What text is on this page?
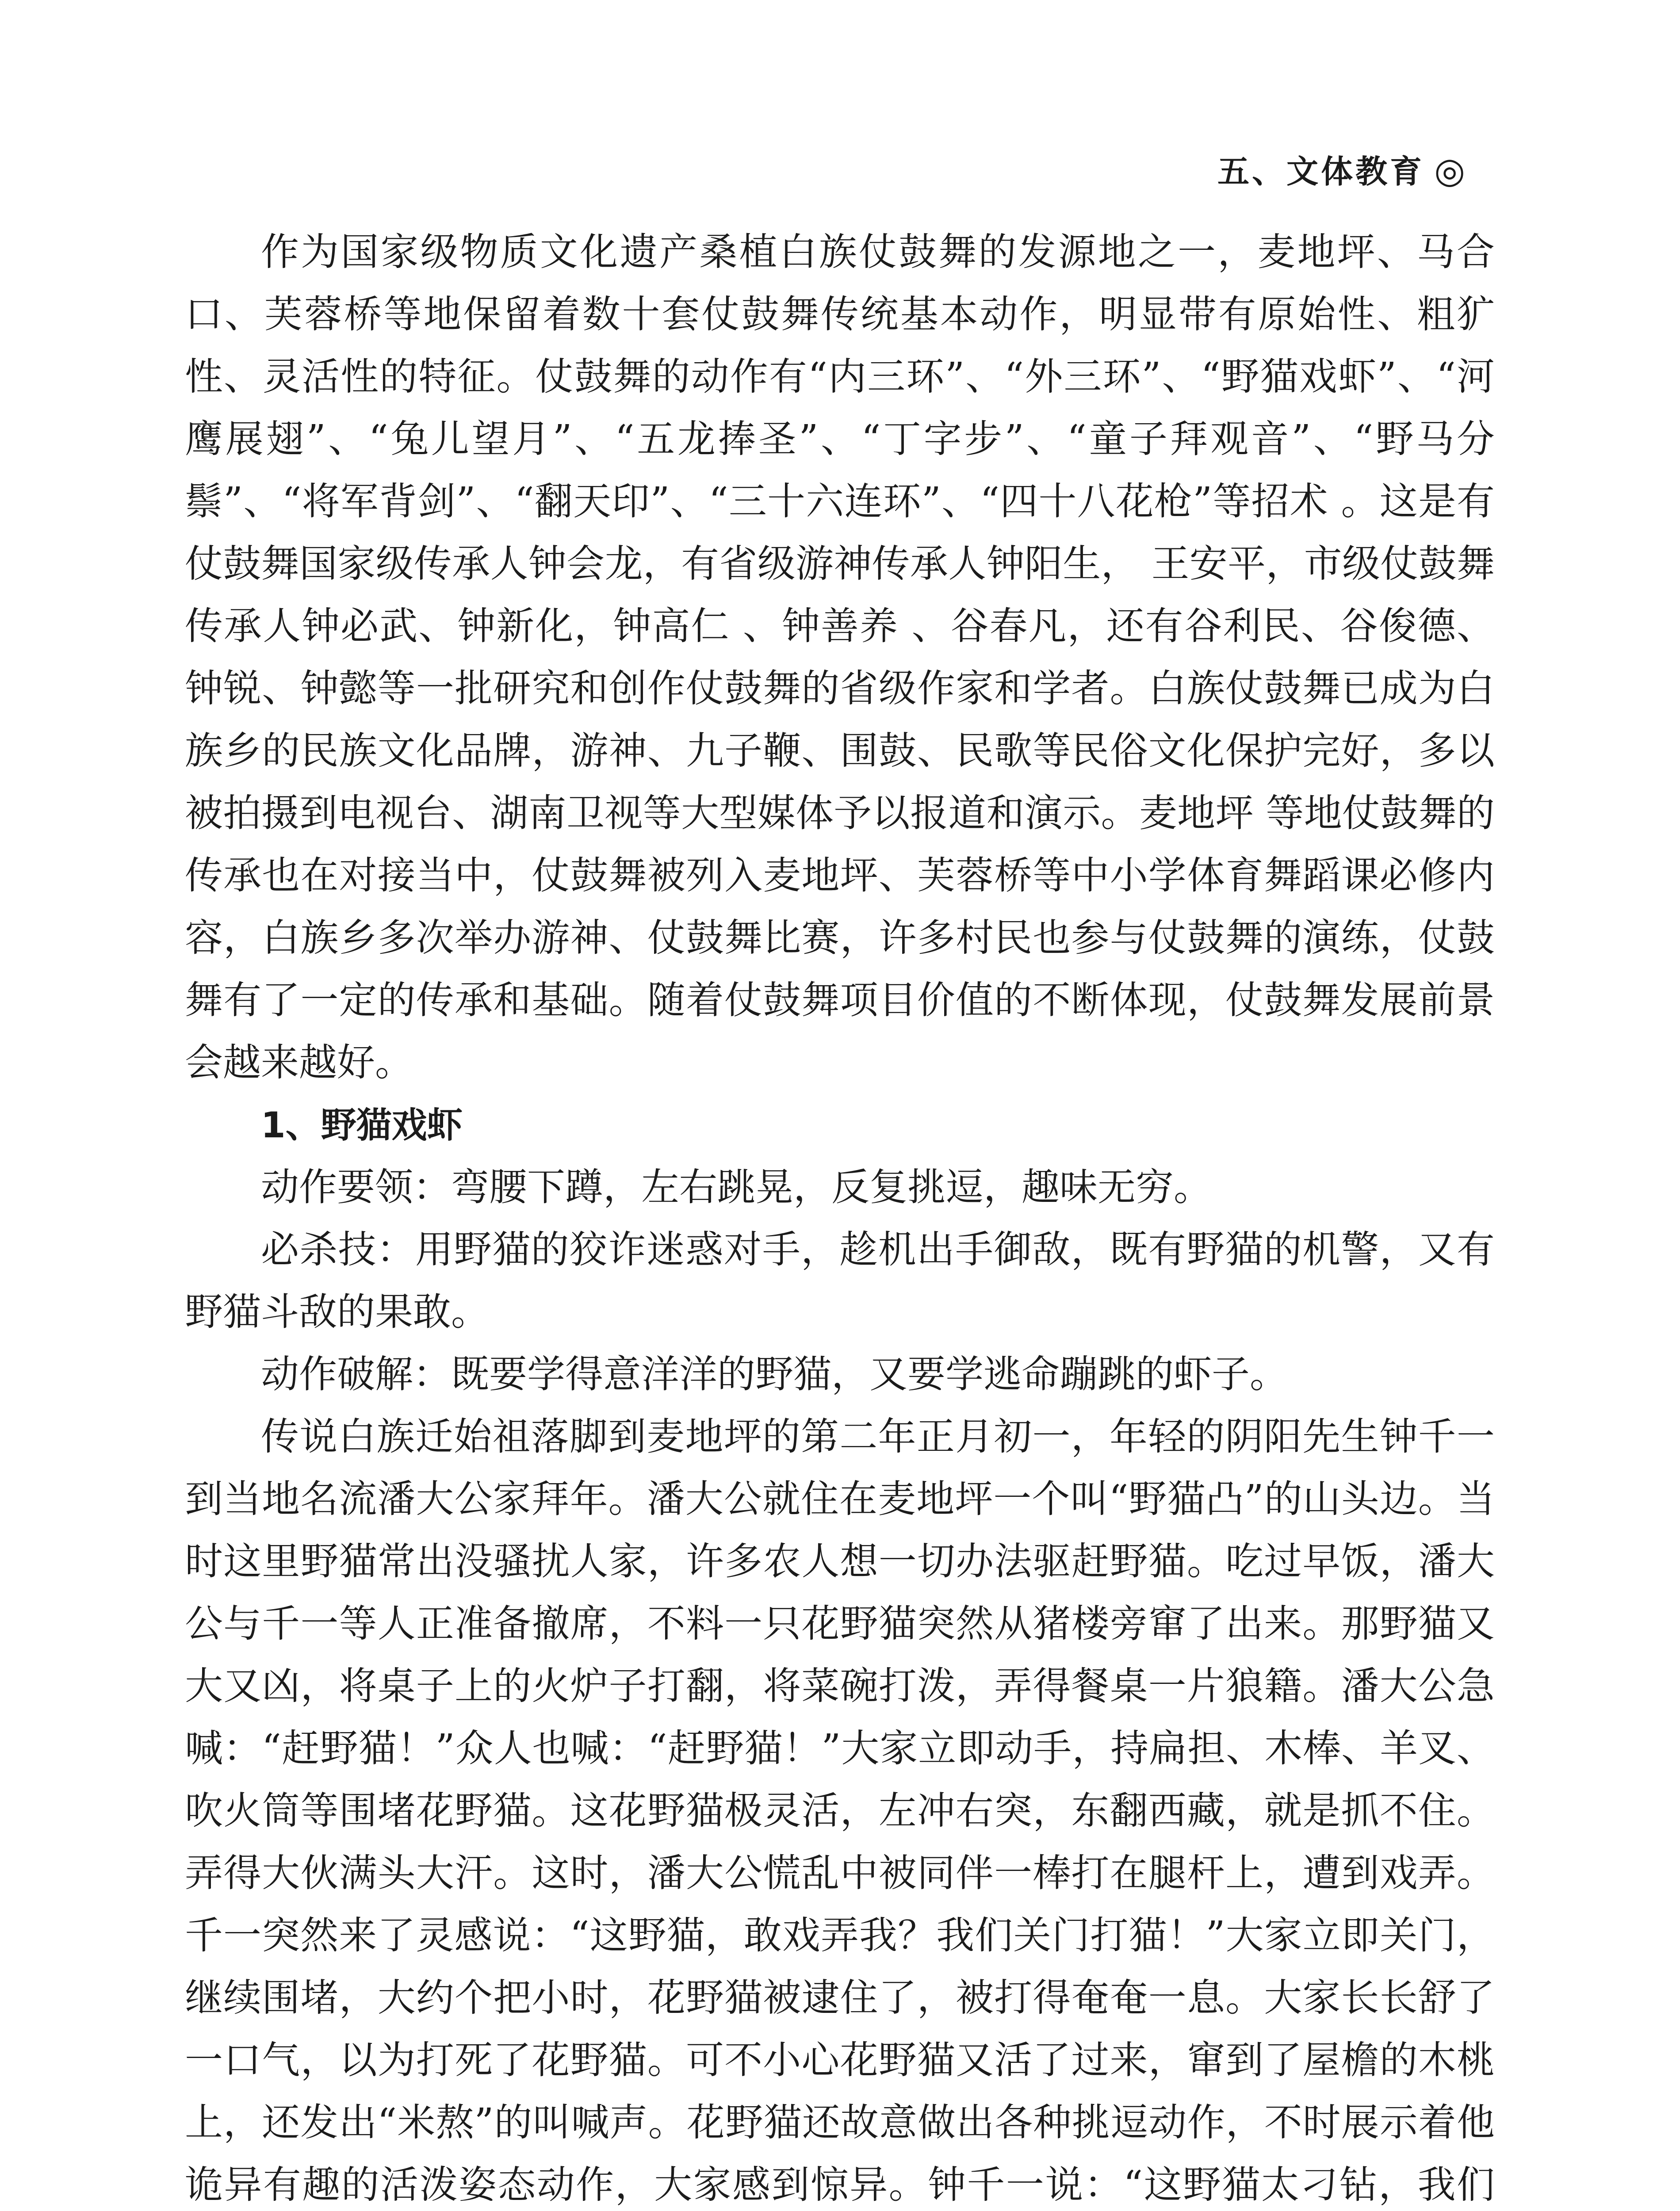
五、文体教育 ◎

作为国家级物质文化遗产桑植白族仗鼓舞的发源地之一，麦地坪、马合口、芙蓉桥等地保留着数十套仗鼓舞传统基本动作，明显带有原始性、粗犷性、灵活性的特征。仗鼓舞的动作有“内三环”、“外三环”、“野猫戏虾”、“河鹰展翅”、“兔儿望月”、“五龙捧圣”、“丁字步”、“童子拜观音”、“野马分鬃”、“将军背剑”、“翻天印”、“三十六连环”、“四十八花枪”等招术 。这是有仗鼓舞国家级传承人钟会龙，有省级游神传承人钟阳生， 王安平，市级仗鼓舞传承人钟必武、钟新化，钟高仁 、钟善养 、谷春凡，还有谷利民、谷俊德、钟锐、钟懿等一批研究和创作仗鼓舞的省级作家和学者。白族仗鼓舞已成为白族乡的民族文化品牌，游神、九子鞭、围鼓、民歌等民俗文化保护完好，多以被拍摄到电视台、湖南卫视等大型媒体予以报道和演示。麦地坪 等地仗鼓舞的传承也在对接当中，仗鼓舞被列入麦地坪、芙蓉桥等中小学体育舞蹈课必修内容，白族乡多次举办游神、仗鼓舞比赛，许多村民也参与仗鼓舞的演练，仗鼓舞有了一定的传承和基础。随着仗鼓舞项目价值的不断体现，仗鼓舞发展前景会越来越好。

1、野猫戏虾

动作要领：弯腰下蹲，左右跳晃，反复挑逗，趣味无穷。

必杀技：用野猫的狡诈迷惑对手，趁机出手御敌，既有野猫的机警，又有野猫斗敌的果敢。

动作破解：既要学得意洋洋的野猫，又要学逃命蹦跳的虾子。

传说白族迁始祖落脚到麦地坪的第二年正月初一，年轻的阴阳先生钟千一到当地名流潘大公家拜年。潘大公就住在麦地坪一个叫“野猫凸”的山头边。当时这里野猫常出没骚扰人家，许多农人想一切办法驱赶野猫。吃过早饭，潘大公与千一等人正准备撤席，不料一只花野猫突然从猪楼旁窜了出来。那野猫又大又凶，将桌子上的火炉子打翻，将菜碗打泼，弄得餐桌一片狼籍。潘大公急喊：“赶野猫！”众人也喊：“赶野猫！”大家立即动手，持扁担、木棒、羊叉、吹火筒等围堵花野猫。这花野猫极灵活，左冲右突，东翻西藏，就是抓不住。弄得大伙满头大汗。这时，潘大公慌乱中被同伴一棒打在腿杆上，遭到戏弄。千一突然来了灵感说：“这野猫，敢戏弄我？我们关门打猫！”大家立即关门，继续围堵，大约个把小时，花野猫被逮住了，被打得奄奄一息。大家长长舒了一口气，以为打死了花野猫。可不小心花野猫又活了过来，窜到了屋檐的木桃上，还发出“米熬”的叫喊声。花野猫还故意做出各种挑逗动作，不时展示着他诡异有趣的活泼姿态动作，大家感到惊异。钟千一说：“这野猫太刁钻，我们
